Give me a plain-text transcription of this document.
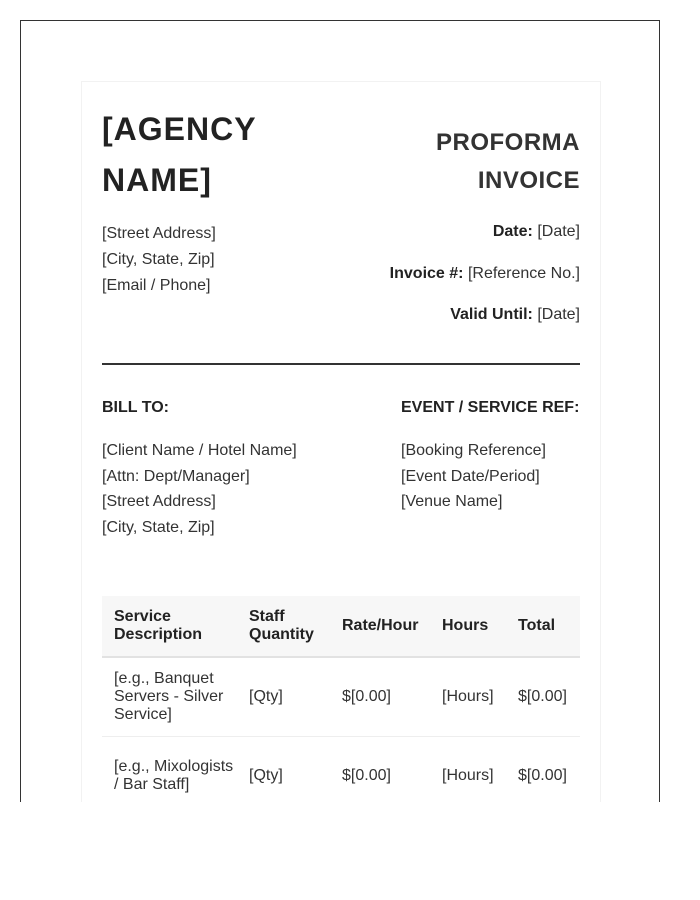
[AGENCY
NAME]
[Street Address]
[City, State, Zip]
[Email / Phone]
PROFORMA
INVOICE
Date: [Date]
Invoice #: [Reference No.]
Valid Until: [Date]
BILL TO:
[Client Name / Hotel Name]
[Attn: Dept/Manager]
[Street Address]
[City, State, Zip]
EVENT / SERVICE REF:
[Booking Reference]
[Event Date/Period]
[Venue Name]
Service Description	Staff Quantity	Rate/Hour	Hours	Total
[e.g., Banquet Servers - Silver Service]	[Qty]	$[0.00]	[Hours]	$[0.00]
[e.g., Mixologists / Bar Staff]	[Qty]	$[0.00]	[Hours]	$[0.00]
